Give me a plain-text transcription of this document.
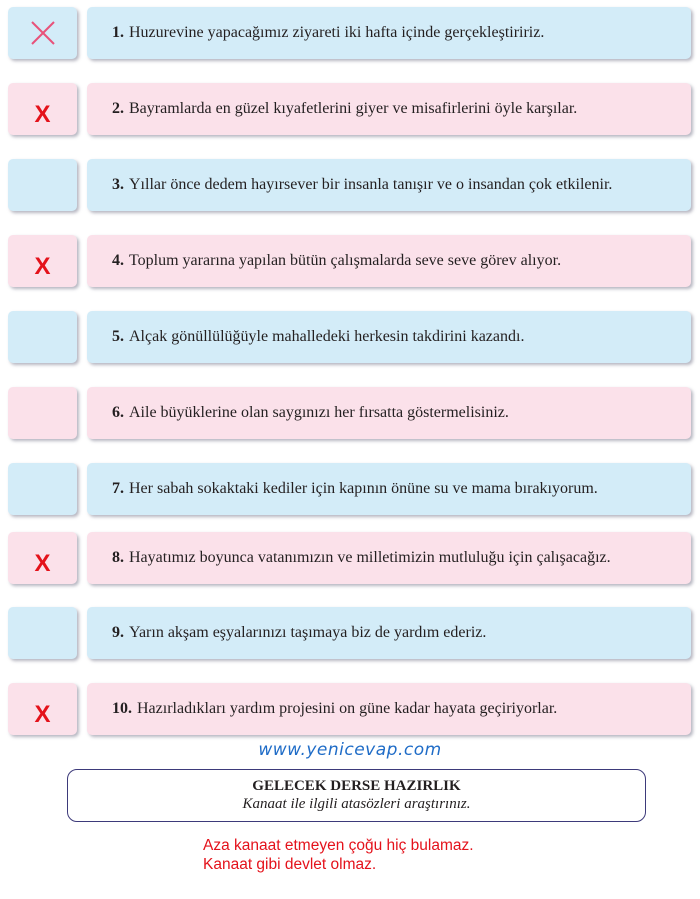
1. Huzurevine yapacağımız ziyareti iki hafta içinde gerçekleştiririz.
X	2. Bayramlarda en güzel kıyafetlerini giyer ve misafirlerini öyle karşılar.
3. Yıllar önce dedem hayırsever bir insanla tanışır ve o insandan çok etkilenir.
X	4. Toplum yararına yapılan bütün çalışmalarda seve seve görev alıyor.
5. Alçak gönüllülüğüyle mahalledeki herkesin takdirini kazandı.
6. Aile büyüklerine olan saygınızı her fırsatta göstermelisiniz.
7. Her sabah sokaktaki kediler için kapının önüne su ve mama bırakıyorum.
X	8. Hayatımız boyunca vatanımızın ve milletimizin mutluluğu için çalışacağız.
9. Yarın akşam eşyalarınızı taşımaya biz de yardım ederiz.
X	10. Hazırladıkları yardım projesini on güne kadar hayata geçiriyorlar.
www.yenicevap.com
GELECEK DERSE HAZIRLIK
Kanaat ile ilgili atasözleri araştırınız.
Aza kanaat etmeyen çoğu hiç bulamaz.
Kanaat gibi devlet olmaz.
